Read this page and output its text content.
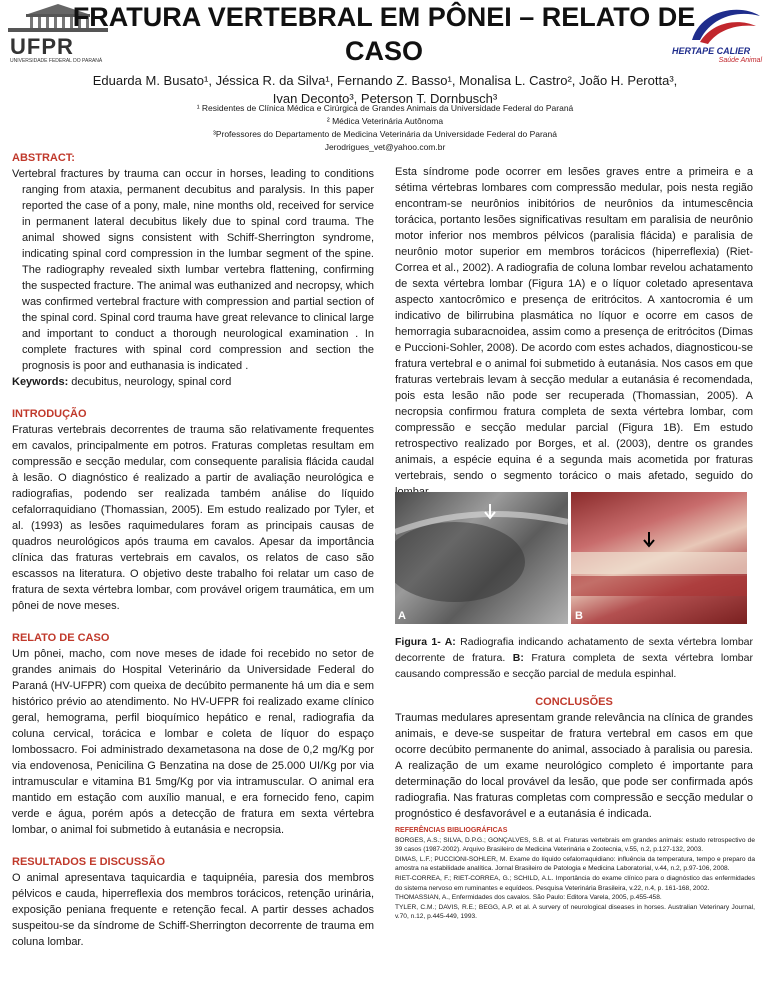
UFPR
UNIVERSIDADE FEDERAL DO PARANÁ
HERTAPE CALIER
Saúde Animal
FRATURA VERTEBRAL EM PÔNEI – RELATO DE CASO
Eduarda M. Busato¹, Jéssica R. da Silva¹, Fernando Z. Basso¹, Monalisa L. Castro², João H. Perotta³,
Ivan Deconto³, Peterson T. Dornbusch³
¹ Residentes de Clínica Médica e Cirúrgica de Grandes Animais da Universidade Federal do Paraná
² Médica Veterinária Autônoma
³Professores do Departamento de Medicina Veterinária da Universidade Federal do Paraná
Jerodrigues_vet@yahoo.com.br
ABSTRACT:

Vertebral fractures by trauma can occur in horses, leading to conditions ranging from ataxia, permanent decubitus and paralysis. In this paper reported the case of a pony, male, nine months old, received for service in permanent lateral decubitus likely due to spinal cord trauma. The animal showed signs consistent with Schiff-Sherrington syndrome, indicating spinal cord compression in the lumbar segment of the spine. The radiography revealed sixth lumbar vertebra flattening, confirming the suspected fracture. The animal was euthanized and necropsy, which was confirmed vertebral fracture with compression and partial section of the spinal cord. Spinal cord trauma have great relevance to clinical large and important to conduct a thorough neurological examination . In complete fractures with spinal cord compression and section the prognosis is poor and euthanasia is indicated .

Keywords: decubitus, neurology, spinal cord

INTRODUÇÃO

Fraturas vertebrais decorrentes de trauma são relativamente frequentes em cavalos, principalmente em potros. Fraturas completas resultam em compressão e secção medular, com consequente paralisia flácida caudal à lesão. O diagnóstico é realizado a partir de avaliação neurológica e radiografias, podendo ser realizada também análise do líquido cefalorraquidiano (Thomassian, 2005). Em estudo realizado por Tyler, et al. (1993) as lesões raquimedulares foram as principais causas de quadros neurológicos após trauma em cavalos. Apesar da importância clínica das fraturas vertebrais em cavalos, os relatos de caso são escassos na literatura. O objetivo deste trabalho foi relatar um caso de fratura de sexta vértebra lombar, com provável origem traumática, em um pônei de nove meses.

RELATO DE CASO

Um pônei, macho, com nove meses de idade foi recebido no setor de grandes animais do Hospital Veterinário da Universidade Federal do Paraná (HV-UFPR) com queixa de decúbito permanente há um dia e sem histórico prévio ao atendimento. No HV-UFPR foi realizado exame clínico geral, hemograma, perfil bioquímico hepático e renal, radiografia da coluna cervical, torácica e lombar e coleta de líquor do espaço lombossacro. Foi administrado dexametasona na dose de 0,2 mg/Kg por via endovenosa, Penicilina G Benzatina na dose de 25.000 UI/Kg por via intramuscular e vitamina B1 5mg/Kg por via intramuscular. O animal era mantido em estação com auxílio manual, e era fornecido feno, capim verde e água, porém após a detecção de fratura em sexta vértebra lombar, o animal foi submetido à eutanásia e necropsia.

RESULTADOS E DISCUSSÃO

O animal apresentava taquicardia e taquipnéia, paresia dos membros pélvicos e cauda, hiperreflexia dos membros torácicos, retenção urinária, exposição peniana frequente e retenção fecal. A partir desses achados suspeitou-se da síndrome de Schiff-Sherrington decorrente de trauma em coluna lombar.

Esta síndrome pode ocorrer em lesões graves entre a primeira e a sétima vértebras lombares com compressão medular, pois nesta região encontram-se neurônios inibitórios de neurônios da intumescência torácica, portanto lesões significativas resultam em paralisia de neurônio motor inferior nos membros pélvicos (paralisia flácida) e paralisia de neurônio motor superior em membros torácicos (hiperreflexia) (Riet-Correa et al., 2002). A radiografia de coluna lombar revelou achatamento de sexta vértebra lombar (Figura 1A) e o líquor coletado apresentava aspecto xantocrômico e presença de eritrócitos. A xantocromia é um indicativo de bilirrubina plasmática no líquor e ocorre em casos de hemorragia subaracnoidea, assim como a presença de eritrócitos (Dimas e Puccioni-Sohler, 2008). De acordo com estes achados, diagnosticou-se fratura vertebral e o animal foi submetido à eutanásia. Nos casos em que fraturas vertebrais levam à secção medular a eutanásia é recomendada, pois esta lesão não pode ser recuperada (Thomassian, 2005). A necropsia confirmou fratura completa de sexta vértebra lombar, com compressão e secção medular parcial (Figura 1B). Em estudo retrospectivo realizado por Borges, et al. (2003), dentre os grandes animais, a espécie equina é a segunda mais acometida por fraturas vertebrais, sendo o segmento torácico o mais afetado, seguido do

A	B
Figura 1- A: Radiografia indicando achatamento de sexta vértebra lombar decorrente de fratura. B: Fratura completa de sexta vértebra lombar causando compressão e secção parcial de medula espinhal.
CONCLUSÕES

Traumas medulares apresentam grande relevância na clínica de grandes animais, e deve-se suspeitar de fratura vertebral em casos em que ocorre decúbito permanente do animal, associado à paralisia ou paresia. A realização de um exame neurológico completo é importante para determinação do local provável da lesão, que pode ser confirmada após radiografia. Nas fraturas completas com compressão e secção medular o prognóstico é desfavorável e a eutanásia é indicada.

REFERÊNCIAS BIBLIOGRÁFICAS
BORGES, A.S.; SILVA, D.P.G.; GONÇALVES, S.B. et al. Fraturas vertebrais em grandes animais: estudo retrospectivo de 39 casos (1987-2002). Arquivo Brasileiro de Medicina Veterinária e Zootecnia, v.55, n.2, p.127-132, 2003.
DIMAS, L.F.; PUCCIONI-SOHLER, M. Exame do líquido cefalorraquidiano: influência da temperatura, tempo e preparo da amostra na estabilidade analítica. Jornal Brasileiro de Patologia e Medicina Laboratorial, v.44, n.2, p.97-106, 2008.
RIET-CORREA, F.; RIET-CORREA, G.; SCHILD, A.L. Importância do exame clínico para o diagnóstico das enfermidades do sistema nervoso em ruminantes e equídeos. Pesquisa Veterinária Brasileira, v.22, n.4, p. 161-168, 2002.
THOMASSIAN, A., Enfermidades dos cavalos. São Paulo: Editora Varela, 2005, p.455-458.
TYLER, C.M.; DAVIS, R.E.; BEGG, A.P. et al. A survery of neurological diseases in horses. Australian Veterinary Journal, v.70, n.12, p.445-449, 1993.
